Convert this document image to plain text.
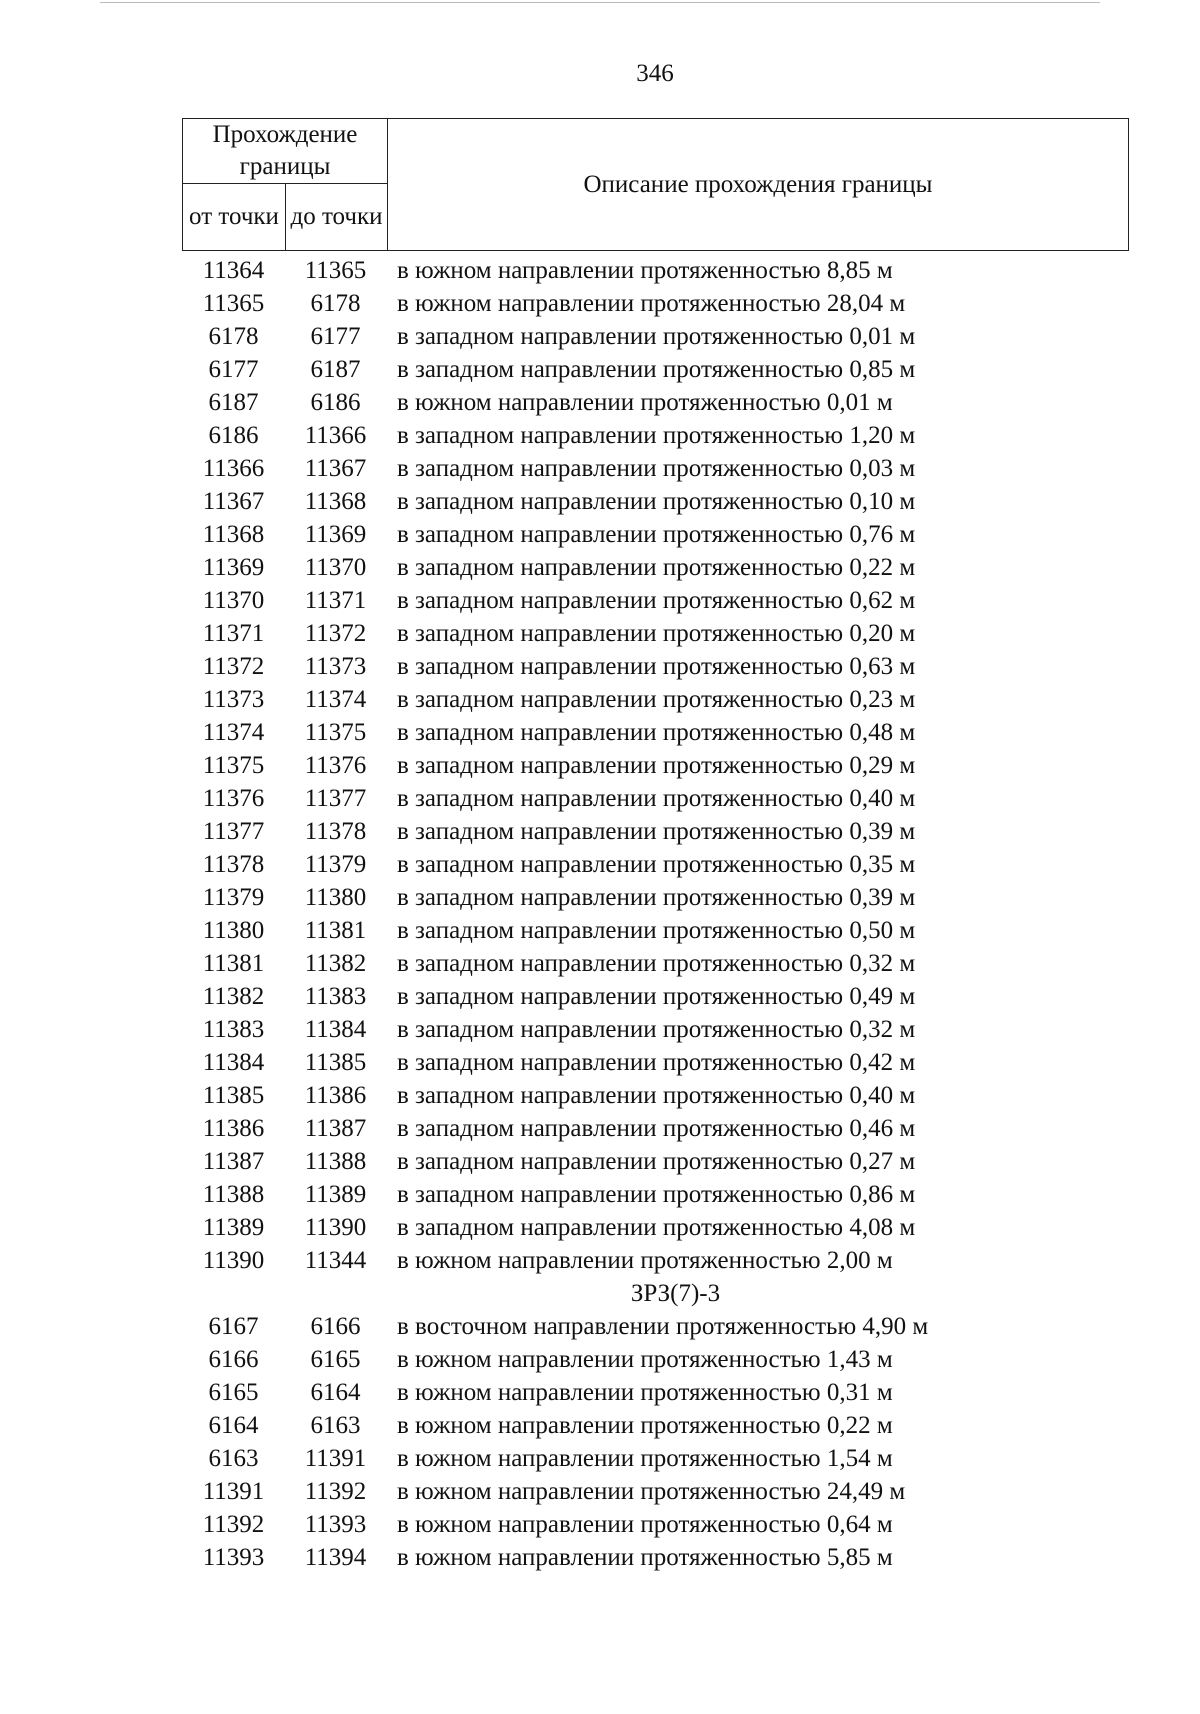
346
Прохождение границы		Описание прохождения границы
от точки	до точки	
11364	11365	в южном направлении протяженностью 8,85 м
11365	6178	в южном направлении протяженностью 28,04 м
6178	6177	в западном направлении протяженностью 0,01 м
6177	6187	в западном направлении протяженностью 0,85 м
6187	6186	в южном направлении протяженностью 0,01 м
6186	11366	в западном направлении протяженностью 1,20 м
11366	11367	в западном направлении протяженностью 0,03 м
11367	11368	в западном направлении протяженностью 0,10 м
11368	11369	в западном направлении протяженностью 0,76 м
11369	11370	в западном направлении протяженностью 0,22 м
11370	11371	в западном направлении протяженностью 0,62 м
11371	11372	в западном направлении протяженностью 0,20 м
11372	11373	в западном направлении протяженностью 0,63 м
11373	11374	в западном направлении протяженностью 0,23 м
11374	11375	в западном направлении протяженностью 0,48 м
11375	11376	в западном направлении протяженностью 0,29 м
11376	11377	в западном направлении протяженностью 0,40 м
11377	11378	в западном направлении протяженностью 0,39 м
11378	11379	в западном направлении протяженностью 0,35 м
11379	11380	в западном направлении протяженностью 0,39 м
11380	11381	в западном направлении протяженностью 0,50 м
11381	11382	в западном направлении протяженностью 0,32 м
11382	11383	в западном направлении протяженностью 0,49 м
11383	11384	в западном направлении протяженностью 0,32 м
11384	11385	в западном направлении протяженностью 0,42 м
11385	11386	в западном направлении протяженностью 0,40 м
11386	11387	в западном направлении протяженностью 0,46 м
11387	11388	в западном направлении протяженностью 0,27 м
11388	11389	в западном направлении протяженностью 0,86 м
11389	11390	в западном направлении протяженностью 4,08 м
11390	11344	в южном направлении протяженностью 2,00 м
ЗРЗ(7)-3
6167	6166	в восточном направлении протяженностью 4,90 м
6166	6165	в южном направлении протяженностью 1,43 м
6165	6164	в южном направлении протяженностью 0,31 м
6164	6163	в южном направлении протяженностью 0,22 м
6163	11391	в южном направлении протяженностью 1,54 м
11391	11392	в южном направлении протяженностью 24,49 м
11392	11393	в южном направлении протяженностью 0,64 м
11393	11394	в южном направлении протяженностью 5,85 м
